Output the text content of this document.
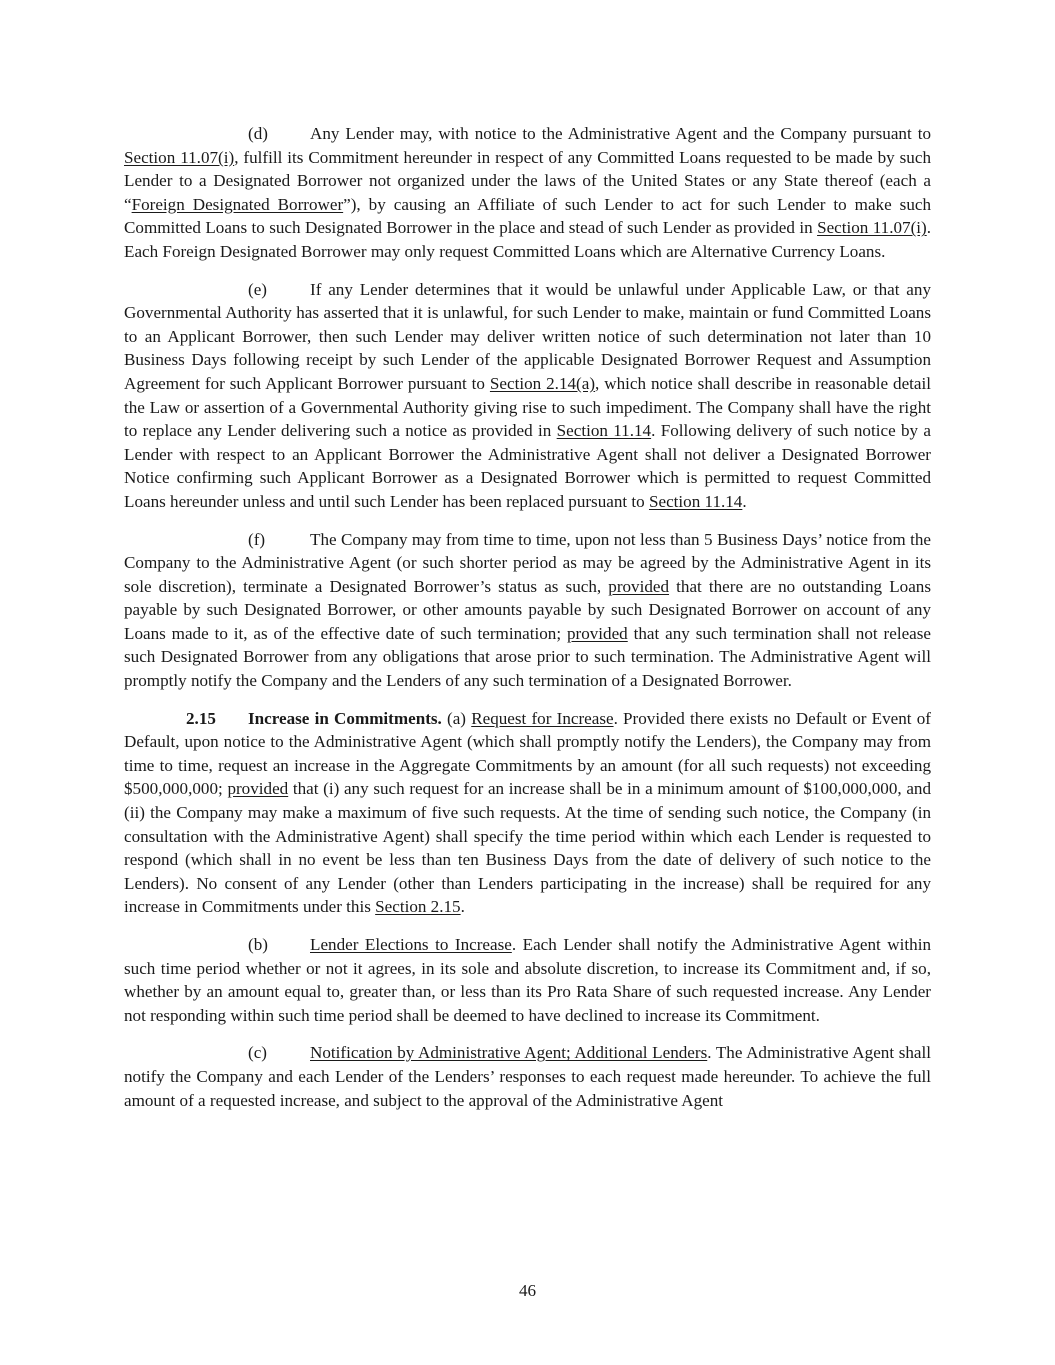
(d) Any Lender may, with notice to the Administrative Agent and the Company pursuant to Section 11.07(i), fulfill its Commitment hereunder in respect of any Committed Loans requested to be made by such Lender to a Designated Borrower not organized under the laws of the United States or any State thereof (each a “Foreign Designated Borrower”), by causing an Affiliate of such Lender to act for such Lender to make such Committed Loans to such Designated Borrower in the place and stead of such Lender as provided in Section 11.07(i). Each Foreign Designated Borrower may only request Committed Loans which are Alternative Currency Loans.

(e)	If any Lender determines that it would be unlawful under Applicable Law, or that any Governmental Authority has asserted that it is unlawful, for such Lender to make, maintain or fund Committed Loans to an Applicant Borrower, then such Lender may deliver written notice of such determination not later than 10 Business Days following receipt by such Lender of the applicable Designated Borrower Request and Assumption Agreement for such Applicant Borrower pursuant to Section 2.14(a), which notice shall describe in reasonable detail the Law or assertion of a Governmental Authority giving rise to such impediment. The Company shall have the right to replace any Lender delivering such a notice as provided in Section 11.14. Following delivery of such notice by a Lender with respect to an Applicant Borrower the Administrative Agent shall not deliver a Designated Borrower Notice confirming such Applicant Borrower as a Designated Borrower which is permitted to request Committed Loans hereunder unless and until such Lender has been replaced pursuant to Section 11.14.

(f)	The Company may from time to time, upon not less than 5 Business Days’ notice from the Company to the Administrative Agent (or such shorter period as may be agreed by the Administrative Agent in its sole discretion), terminate a Designated Borrower’s status as such, provided that there are no outstanding Loans payable by such Designated Borrower, or other amounts payable by such Designated Borrower on account of any Loans made to it, as of the effective date of such termination; provided that any such termination shall not release such Designated Borrower from any obligations that arose prior to such termination. The Administrative Agent will promptly notify the Company and the Lenders of any such termination of a Designated Borrower.

2.15 Increase in Commitments. (a) Request for Increase. Provided there exists no Default or Event of Default, upon notice to the Administrative Agent (which shall promptly notify the Lenders), the Company may from time to time, request an increase in the Aggregate Commitments by an amount (for all such requests) not exceeding $500,000,000; provided that (i) any such request for an increase shall be in a minimum amount of $100,000,000, and (ii) the Company may make a maximum of five such requests. At the time of sending such notice, the Company (in consultation with the Administrative Agent) shall specify the time period within which each Lender is requested to respond (which shall in no event be less than ten Business Days from the date of delivery of such notice to the Lenders). No consent of any Lender (other than Lenders participating in the increase) shall be required for any increase in Commitments under this Section 2.15.

(b) Lender Elections to Increase. Each Lender shall notify the Administrative Agent within such time period whether or not it agrees, in its sole and absolute discretion, to increase its Commitment and, if so, whether by an amount equal to, greater than, or less than its Pro Rata Share of such requested increase. Any Lender not responding within such time period shall be deemed to have declined to increase its Commitment.

(c)	Notification by Administrative Agent; Additional Lenders. The Administrative Agent shall notify the Company and each Lender of the Lenders’ responses to each request made hereunder. To achieve the full amount of a requested increase, and subject to the approval of the Administrative Agent

46
